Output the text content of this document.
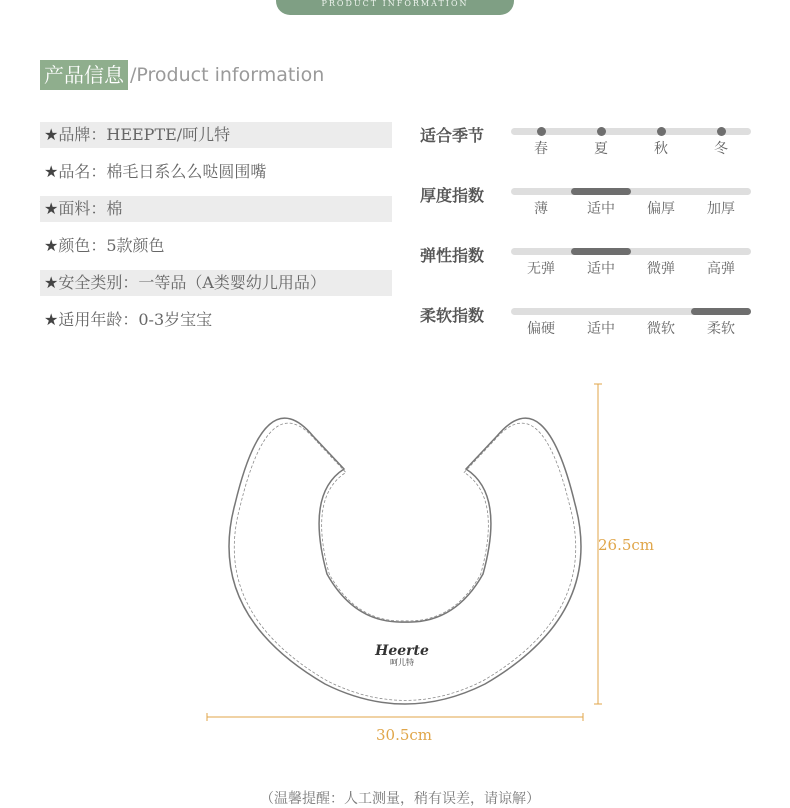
PRODUCT INFORMATION
产品信息 /Product information
★品牌：HEEPTE/呵儿特
★品名：棉毛日系么么哒圆围嘴
★面料：棉
★颜色：5款颜色
★安全类别：一等品（A类婴幼儿用品）
★适用年龄：0-3岁宝宝
适合季节
春	夏	秋	冬
厚度指数
薄	适中	偏厚	加厚
弹性指数
无弹	适中	微弹	高弹
柔软指数
偏硬	适中	微软	柔软
Heerte
呵儿特
26.5cm
30.5cm
（温馨提醒：人工测量，稍有误差，请谅解）
